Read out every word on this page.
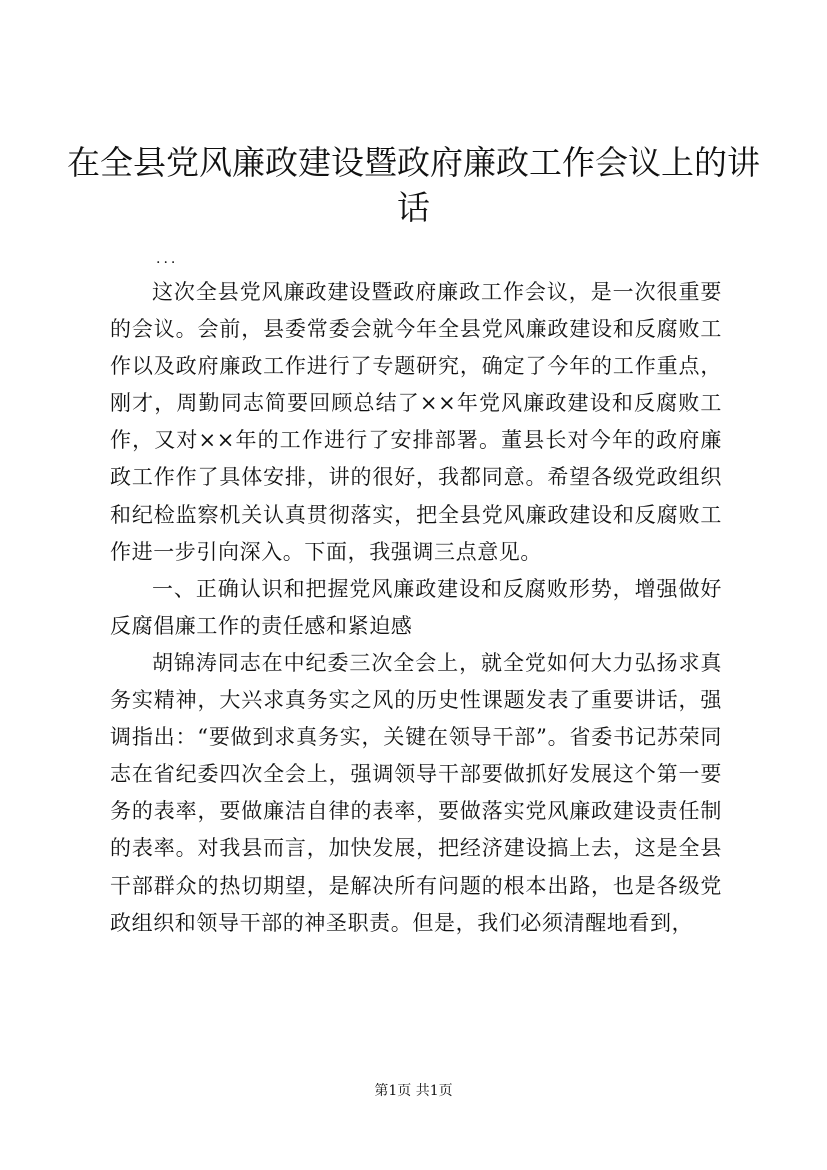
在全县党风廉政建设暨政府廉政工作会议上的讲话

...

这次全县党风廉政建设暨政府廉政工作会议，是一次很重要的会议。会前，县委常委会就今年全县党风廉政建设和反腐败工作以及政府廉政工作进行了专题研究，确定了今年的工作重点，刚才，周勤同志简要回顾总结了××年党风廉政建设和反腐败工作，又对××年的工作进行了安排部署。董县长对今年的政府廉政工作作了具体安排，讲的很好，我都同意。希望各级党政组织和纪检监察机关认真贯彻落实，把全县党风廉政建设和反腐败工作进一步引向深入。下面，我强调三点意见。

一、正确认识和把握党风廉政建设和反腐败形势，增强做好反腐倡廉工作的责任感和紧迫感

胡锦涛同志在中纪委三次全会上，就全党如何大力弘扬求真务实精神，大兴求真务实之风的历史性课题发表了重要讲话，强调指出：“要做到求真务实，关键在领导干部”。省委书记苏荣同志在省纪委四次全会上，强调领导干部要做抓好发展这个第一要务的表率，要做廉洁自律的表率，要做落实党风廉政建设责任制的表率。对我县而言，加快发展，把经济建设搞上去，这是全县干部群众的热切期望，是解决所有问题的根本出路，也是各级党政组织和领导干部的神圣职责。但是，我们必须清醒地看到，

第1页 共1页
